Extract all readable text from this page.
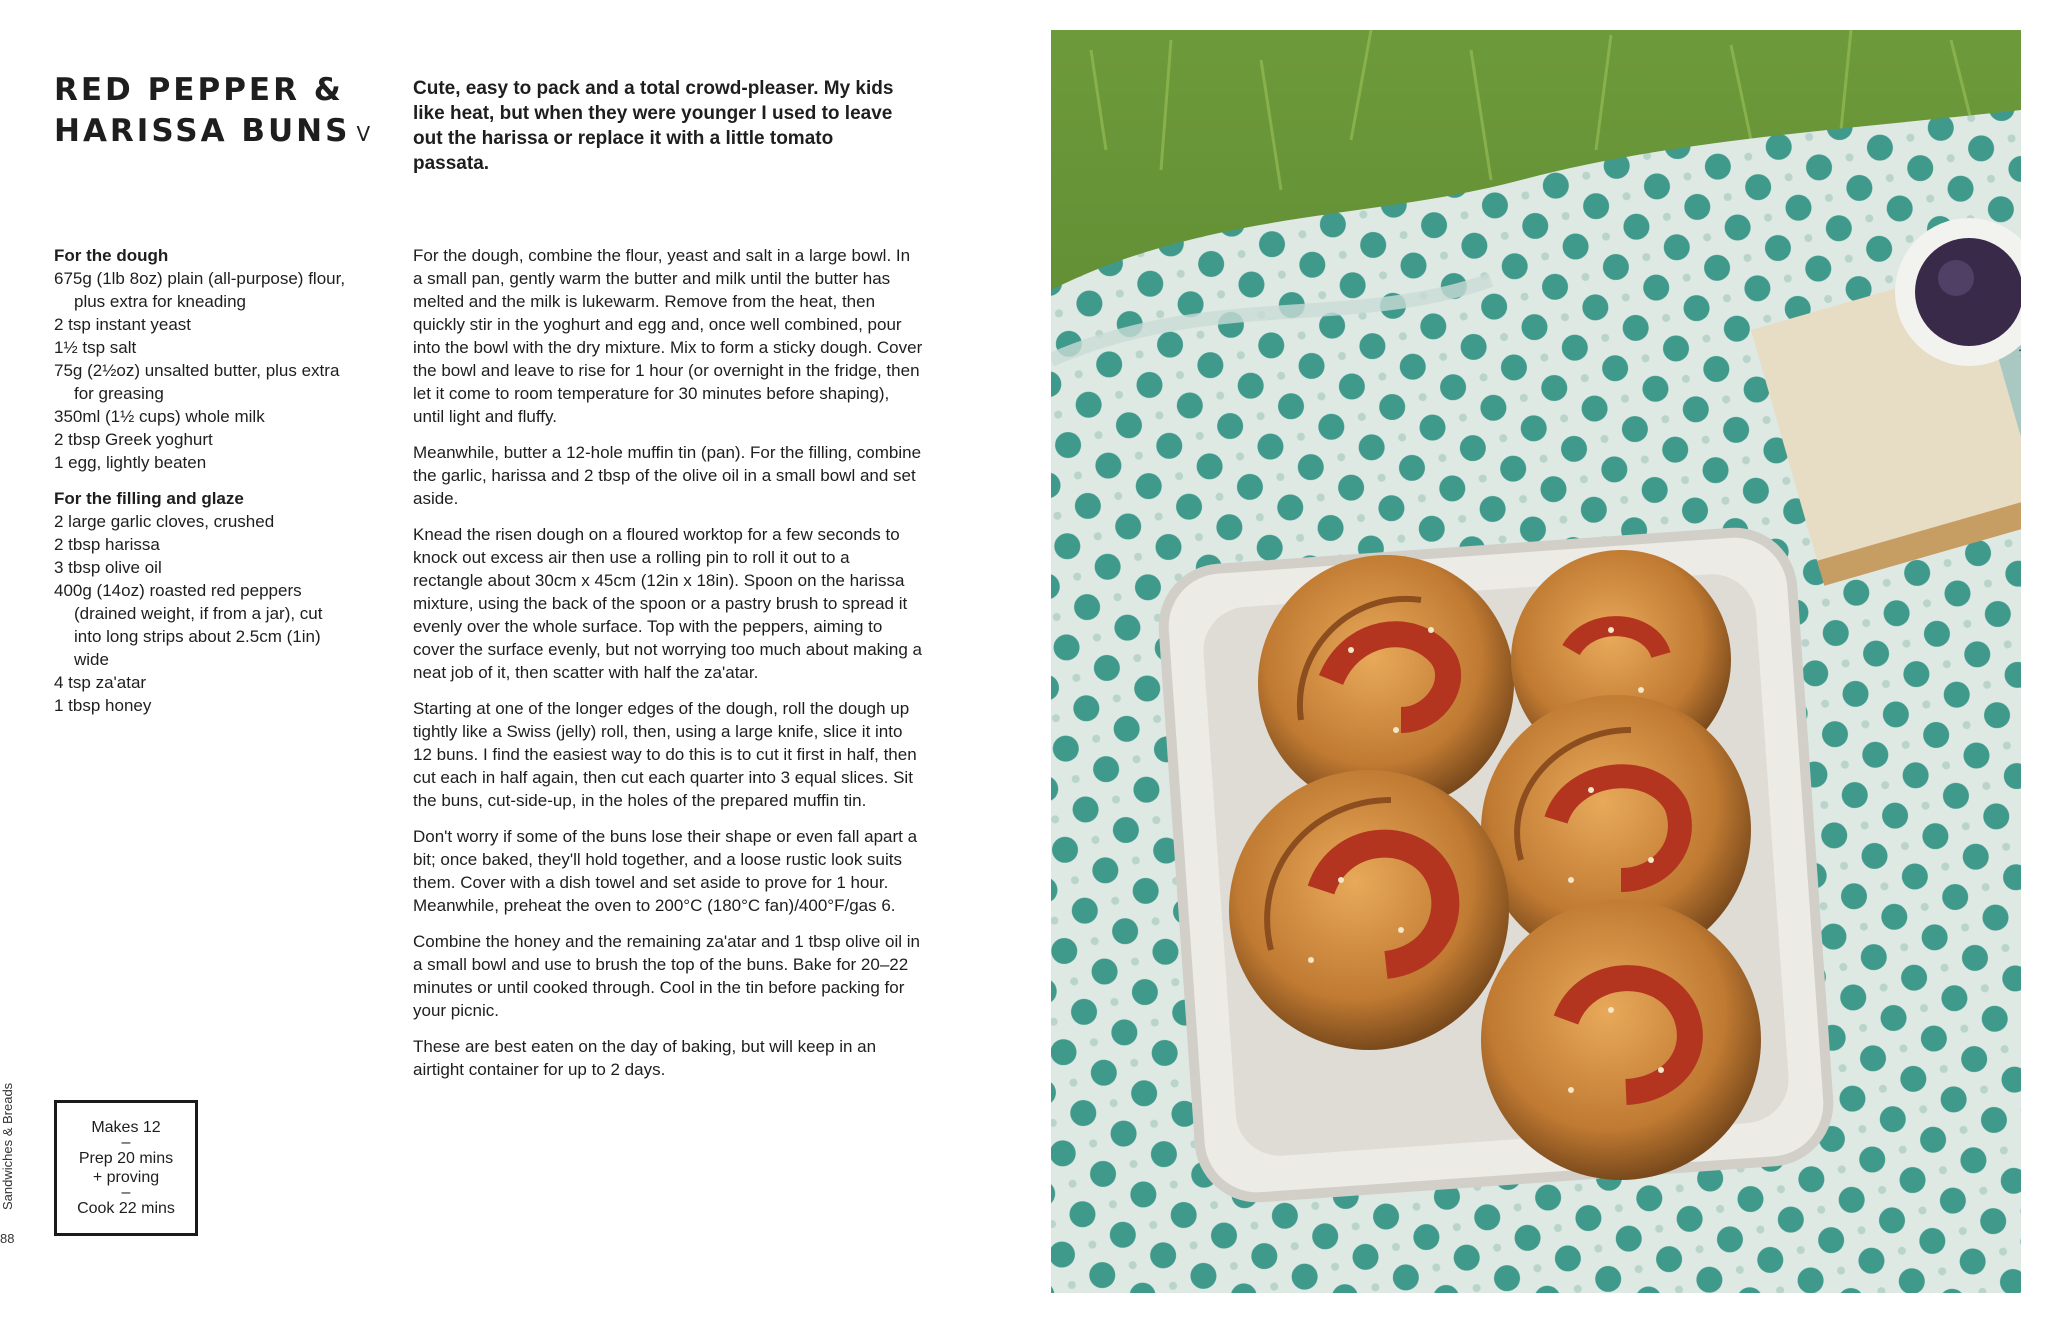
RED PEPPER &
HARISSA BUNS V

Cute, easy to pack and a total crowd-pleaser. My kids like heat, but when they were younger I used to leave out the harissa or replace it with a little tomato passata.

For the dough
675g (1lb 8oz) plain (all-purpose) flour, plus extra for kneading
2 tsp instant yeast
1½ tsp salt
75g (2½oz) unsalted butter, plus extra for greasing
350ml (1½ cups) whole milk
2 tbsp Greek yoghurt
1 egg, lightly beaten
For the filling and glaze
2 large garlic cloves, crushed
2 tbsp harissa
3 tbsp olive oil
400g (14oz) roasted red peppers (drained weight, if from a jar), cut into long strips about 2.5cm (1in) wide
4 tsp za'atar
1 tbsp honey

For the dough, combine the flour, yeast and salt in a large bowl. In a small pan, gently warm the butter and milk until the butter has melted and the milk is lukewarm. Remove from the heat, then quickly stir in the yoghurt and egg and, once well combined, pour into the bowl with the dry mixture. Mix to form a sticky dough. Cover the bowl and leave to rise for 1 hour (or overnight in the fridge, then let it come to room temperature for 30 minutes before shaping), until light and fluffy.

Meanwhile, butter a 12-hole muffin tin (pan). For the filling, combine the garlic, harissa and 2 tbsp of the olive oil in a small bowl and set aside.

Knead the risen dough on a floured worktop for a few seconds to knock out excess air then use a rolling pin to roll it out to a rectangle about 30cm x 45cm (12in x 18in). Spoon on the harissa mixture, using the back of the spoon or a pastry brush to spread it evenly over the whole surface. Top with the peppers, aiming to cover the surface evenly, but not worrying too much about making a neat job of it, then scatter with half the za'atar.

Starting at one of the longer edges of the dough, roll the dough up tightly like a Swiss (jelly) roll, then, using a large knife, slice it into 12 buns. I find the easiest way to do this is to cut it first in half, then cut each in half again, then cut each quarter into 3 equal slices. Sit the buns, cut-side-up, in the holes of the prepared muffin tin.

Don't worry if some of the buns lose their shape or even fall apart a bit; once baked, they'll hold together, and a loose rustic look suits them. Cover with a dish towel and set aside to prove for 1 hour. Meanwhile, preheat the oven to 200°C (180°C fan)/400°F/gas 6.

Combine the honey and the remaining za'atar and 1 tbsp olive oil in a small bowl and use to brush the top of the buns. Bake for 20–22 minutes or until cooked through. Cool in the tin before packing for your picnic.

These are best eaten on the day of baking, but will keep in an airtight container for up to 2 days.

Makes 12
–
Prep 20 mins
+ proving
–
Cook 22 mins
Sandwiches & Breads
88
